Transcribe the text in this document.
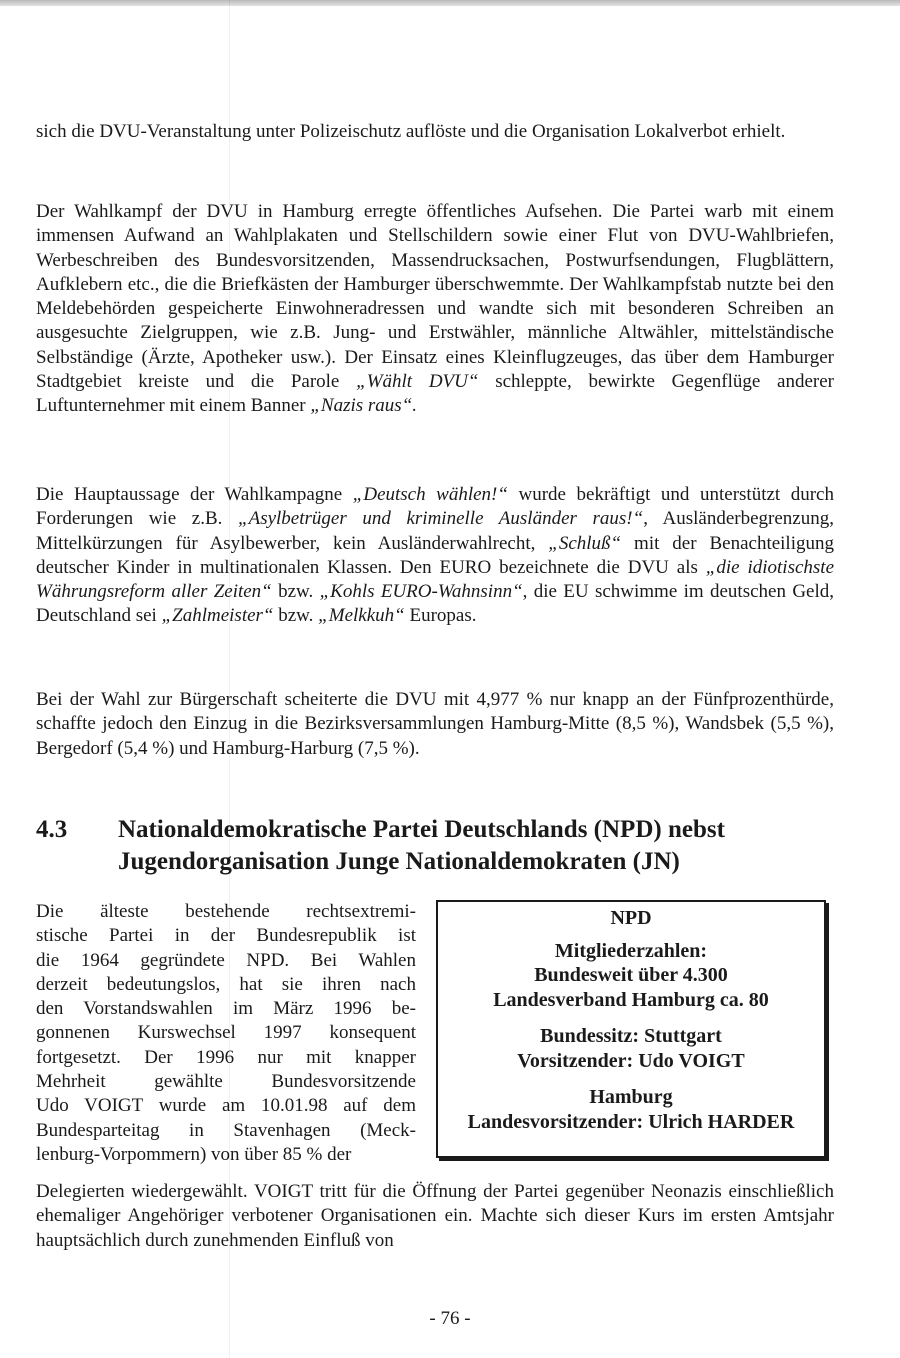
sich die DVU-Veranstaltung unter Polizeischutz auflöste und die Organisation Lokalverbot erhielt.

Der Wahlkampf der DVU in Hamburg erregte öffentliches Aufsehen. Die Partei warb mit einem immensen Aufwand an Wahlplakaten und Stellschildern sowie einer Flut von DVU-Wahlbriefen, Werbeschreiben des Bundesvorsitzenden, Massendrucksachen, Postwurfsendungen, Flugblättern, Aufklebern etc., die die Briefkästen der Hamburger überschwemmte. Der Wahlkampfstab nutzte bei den Meldebehörden gespeicherte Einwohneradressen und wandte sich mit besonderen Schreiben an ausgesuchte Zielgruppen, wie z.B. Jung- und Erstwähler, männliche Altwähler, mittelständische Selbständige (Ärzte, Apotheker usw.). Der Einsatz eines Kleinflugzeuges, das über dem Hamburger Stadtgebiet kreiste und die Parole „Wählt DVU“ schleppte, bewirkte Gegenflüge anderer Luftunternehmer mit einem Banner „Nazis raus“.

Die Hauptaussage der Wahlkampagne „Deutsch wählen!“ wurde bekräftigt und unterstützt durch Forderungen wie z.B. „Asylbetrüger und kriminelle Ausländer raus!“, Ausländerbegrenzung, Mittelkürzungen für Asylbewerber, kein Ausländerwahlrecht, „Schluß“ mit der Benachteiligung deutscher Kinder in multinationalen Klassen. Den EURO bezeichnete die DVU als „die idiotischste Währungsreform aller Zeiten“ bzw. „Kohls EURO-Wahnsinn“, die EU schwimme im deutschen Geld, Deutschland sei „Zahlmeister“ bzw. „Melkkuh“ Europas.

Bei der Wahl zur Bürgerschaft scheiterte die DVU mit 4,977 % nur knapp an der Fünfprozenthürde, schaffte jedoch den Einzug in die Bezirksversammlungen Hamburg-Mitte (8,5 %), Wandsbek (5,5 %), Bergedorf (5,4 %) und Hamburg-Harburg (7,5 %).

4.3 Nationaldemokratische Partei Deutschlands (NPD) nebst
Jugendorganisation Junge Nationaldemokraten (JN)
Die älteste bestehende rechtsextremi-
stische Partei in der Bundesrepublik ist
die 1964 gegründete NPD. Bei Wahlen
derzeit bedeutungslos, hat sie ihren nach
den Vorstandswahlen im März 1996 be-
gonnenen Kurswechsel 1997 konsequent
fortgesetzt. Der 1996 nur mit knapper
Mehrheit gewählte Bundesvorsitzende
Udo VOIGT wurde am 10.01.98 auf dem
Bundesparteitag in Stavenhagen (Meck-
lenburg-Vorpommern) von über 85 % der
NPD
Mitgliederzahlen:
Bundesweit über 4.300
Landesverband Hamburg ca. 80
Bundessitz: Stuttgart
Vorsitzender: Udo VOIGT
Hamburg
Landesvorsitzender: Ulrich HARDER

Delegierten wiedergewählt. VOIGT tritt für die Öffnung der Partei gegenüber Neonazis einschließlich ehemaliger Angehöriger verbotener Organisationen ein. Machte sich dieser Kurs im ersten Amtsjahr hauptsächlich durch zunehmenden Einfluß von

- 76 -
